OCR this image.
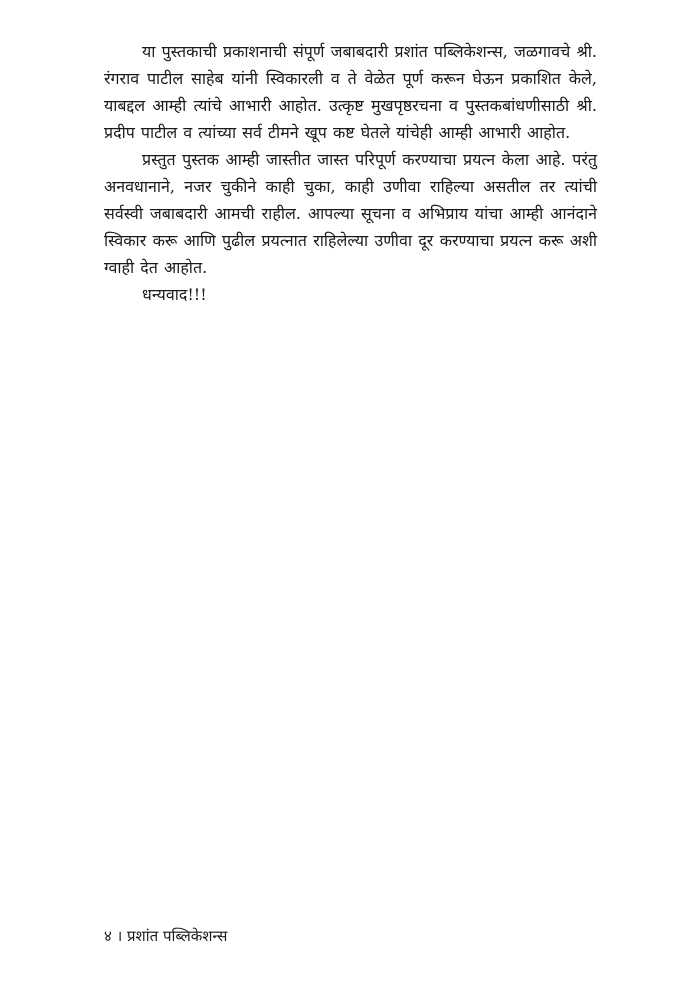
या पुस्तकाची प्रकाशनाची संपूर्ण जबाबदारी प्रशांत पब्लिकेशन्स, जळगावचे श्री. रंगराव पाटील साहेब यांनी स्विकारली व ते वेळेत पूर्ण करून घेऊन प्रकाशित केले, याबद्दल आम्ही त्यांचे आभारी आहोत. उत्कृष्ट मुखपृष्ठरचना व पुस्तकबांधणीसाठी श्री. प्रदीप पाटील व त्यांच्या सर्व टीमने खूप कष्ट घेतले यांचेही आम्ही आभारी आहोत.

प्रस्तुत पुस्तक आम्ही जास्तीत जास्त परिपूर्ण करण्याचा प्रयत्न केला आहे. परंतु अनवधानाने, नजर चुकीने काही चुका, काही उणीवा राहिल्या असतील तर त्यांची सर्वस्वी जबाबदारी आमची राहील. आपल्या सूचना व अभिप्राय यांचा आम्ही आनंदाने स्विकार करू आणि पुढील प्रयत्नात राहिलेल्या उणीवा दूर करण्याचा प्रयत्न करू अशी ग्वाही देत आहोत.

धन्यवाद!!!

४ । प्रशांत पब्लिकेशन्स
